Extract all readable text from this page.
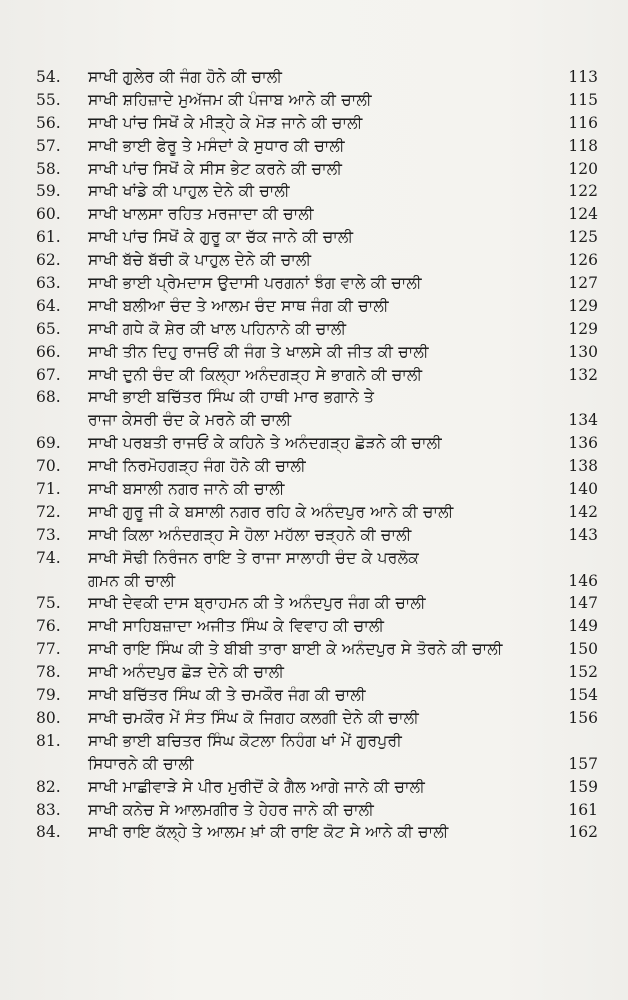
54.	ਸਾਖੀ ਗੁਲੇਰ ਕੀ ਜੰਗ ਹੋਨੇ ਕੀ ਚਾਲੀ	113
55.	ਸਾਖੀ ਸ਼ਹਿਜ਼ਾਦੇ ਮੁਅੱਜਮ ਕੀ ਪੰਜਾਬ ਆਨੇ ਕੀ ਚਾਲੀ	115
56.	ਸਾਖੀ ਪਾਂਚ ਸਿਖੋਂ ਕੇ ਮੀੜ੍ਹੇ ਕੇ ਮੋੜ ਜਾਨੇ ਕੀ ਚਾਲੀ	116
57.	ਸਾਖੀ ਭਾਈ ਫੇਰੂ ਤੇ ਮਸੰਦਾਂ ਕੇ ਸੁਧਾਰ ਕੀ ਚਾਲੀ	118
58.	ਸਾਖੀ ਪਾਂਚ ਸਿਖੋਂ ਕੇ ਸੀਸ ਭੇਟ ਕਰਨੇ ਕੀ ਚਾਲੀ	120
59.	ਸਾਖੀ ਖਾਂਡੇ ਕੀ ਪਾਹੁਲ ਦੇਨੇ ਕੀ ਚਾਲੀ	122
60.	ਸਾਖੀ ਖਾਲਸਾ ਰਹਿਤ ਮਰਜਾਦਾ ਕੀ ਚਾਲੀ	124
61.	ਸਾਖੀ ਪਾਂਚ ਸਿਖੋਂ ਕੇ ਗੁਰੂ ਕਾ ਚੱਕ ਜਾਨੇ ਕੀ ਚਾਲੀ	125
62.	ਸਾਖੀ ਬੱਚੇ ਬੱਚੀ ਕੋ ਪਾਹੁਲ ਦੇਨੇ ਕੀ ਚਾਲੀ	126
63.	ਸਾਖੀ ਭਾਈ ਪ੍ਰੇਮਦਾਸ ਉਦਾਸੀ ਪਰਗਨਾਂ ਝੰਗ ਵਾਲੇ ਕੀ ਚਾਲੀ	127
64.	ਸਾਖੀ ਬਲੀਆ ਚੰਦ ਤੇ ਆਲਮ ਚੰਦ ਸਾਥ ਜੰਗ ਕੀ ਚਾਲੀ	129
65.	ਸਾਖੀ ਗਧੇ ਕੋ ਸ਼ੇਰ ਕੀ ਖਾਲ ਪਹਿਨਾਨੇ ਕੀ ਚਾਲੀ	129
66.	ਸਾਖੀ ਤੀਨ ਦਿਹੁ ਰਾਜਓਂ ਕੀ ਜੰਗ ਤੇ ਖਾਲਸੇ ਕੀ ਜੀਤ ਕੀ ਚਾਲੀ	130
67.	ਸਾਖੀ ਦੁਨੀ ਚੰਦ ਕੀ ਕਿਲ੍ਹਾ ਅਨੰਦਗੜ੍ਹ ਸੇ ਭਾਗਨੇ ਕੀ ਚਾਲੀ	132
68.	ਸਾਖੀ ਭਾਈ ਬਚਿੱਤਰ ਸਿੰਘ ਕੀ ਹਾਥੀ ਮਾਰ ਭਗਾਨੇ ਤੇ
ਰਾਜਾ ਕੇਸਰੀ ਚੰਦ ਕੇ ਮਰਨੇ ਕੀ ਚਾਲੀ	134
69.	ਸਾਖੀ ਪਰਬਤੀ ਰਾਜਓਂ ਕੇ ਕਹਿਨੇ ਤੇ ਅਨੰਦਗੜ੍ਹ ਛੋੜਨੇ ਕੀ ਚਾਲੀ	136
70.	ਸਾਖੀ ਨਿਰਮੋਹਗੜ੍ਹ ਜੰਗ ਹੋਨੇ ਕੀ ਚਾਲੀ	138
71.	ਸਾਖੀ ਬਸਾਲੀ ਨਗਰ ਜਾਨੇ ਕੀ ਚਾਲੀ	140
72.	ਸਾਖੀ ਗੁਰੂ ਜੀ ਕੇ ਬਸਾਲੀ ਨਗਰ ਰਹਿ ਕੇ ਅਨੰਦਪੁਰ ਆਨੇ ਕੀ ਚਾਲੀ	142
73.	ਸਾਖੀ ਕਿਲਾ ਅਨੰਦਗੜ੍ਹ ਸੇ ਹੋਲਾ ਮਹੱਲਾ ਚੜ੍ਹਨੇ ਕੀ ਚਾਲੀ	143
74.	ਸਾਖੀ ਸੋਢੀ ਨਿਰੰਜਨ ਰਾਇ ਤੇ ਰਾਜਾ ਸਾਲਾਹੀ ਚੰਦ ਕੇ ਪਰਲੋਕ
ਗਮਨ ਕੀ ਚਾਲੀ	146
75.	ਸਾਖੀ ਦੇਵਕੀ ਦਾਸ ਬ੍ਰਾਹਮਨ ਕੀ ਤੇ ਅਨੰਦਪੁਰ ਜੰਗ ਕੀ ਚਾਲੀ	147
76.	ਸਾਖੀ ਸਾਹਿਬਜ਼ਾਦਾ ਅਜੀਤ ਸਿੰਘ ਕੇ ਵਿਵਾਹ ਕੀ ਚਾਲੀ	149
77.	ਸਾਖੀ ਰਾਇ ਸਿੰਘ ਕੀ ਤੇ ਬੀਬੀ ਤਾਰਾ ਬਾਈ ਕੇ ਅਨੰਦਪੁਰ ਸੇ ਤੋਰਨੇ ਕੀ ਚਾਲੀ	150
78.	ਸਾਖੀ ਅਨੰਦਪੁਰ ਛੋੜ ਦੇਨੇ ਕੀ ਚਾਲੀ	152
79.	ਸਾਖੀ ਬਚਿੱਤਰ ਸਿੰਘ ਕੀ ਤੇ ਚਮਕੌਰ ਜੰਗ ਕੀ ਚਾਲੀ	154
80.	ਸਾਖੀ ਚਮਕੌਰ ਮੇਂ ਸੰਤ ਸਿੰਘ ਕੋ ਜਿਗਹ ਕਲਗੀ ਦੇਨੇ ਕੀ ਚਾਲੀ	156
81.	ਸਾਖੀ ਭਾਈ ਬਚਿਤਰ ਸਿੰਘ ਕੋਟਲਾ ਨਿਹੰਗ ਖਾਂ ਮੇਂ ਗੁਰਪੁਰੀ
ਸਿਧਾਰਨੇ ਕੀ ਚਾਲੀ	157
82.	ਸਾਖੀ ਮਾਛੀਵਾੜੇ ਸੇ ਪੀਰ ਮੁਰੀਦੋਂ ਕੇ ਗੈਲ ਆਗੇ ਜਾਨੇ ਕੀ ਚਾਲੀ	159
83.	ਸਾਖੀ ਕਨੇਚ ਸੇ ਆਲਮਗੀਰ ਤੇ ਹੇਹਰ ਜਾਨੇ ਕੀ ਚਾਲੀ	161
84.	ਸਾਖੀ ਰਾਇ ਕੱਲ੍ਹੇ ਤੇ ਆਲਮ ਖ਼ਾਂ ਕੀ ਰਾਇ ਕੋਟ ਸੇ ਆਨੇ ਕੀ ਚਾਲੀ	162
